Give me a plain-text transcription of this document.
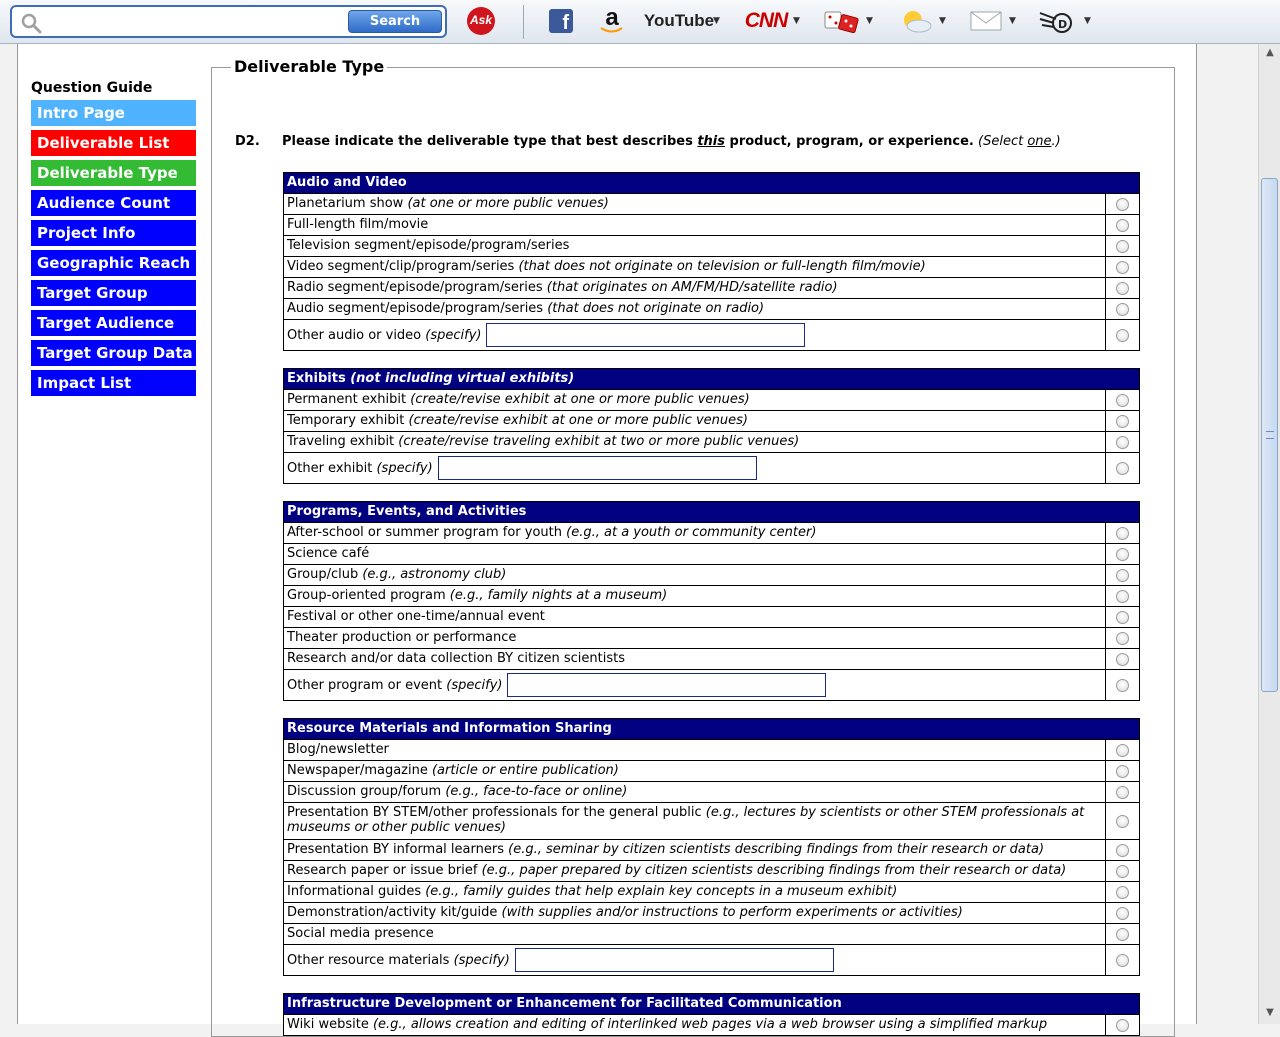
Search	Ask	f a YouTube
▼ CNN ▼	▼	▼	▼	D ▼
Question Guide
Intro Page
Deliverable List
Deliverable Type
Audience Count
Project Info
Geographic Reach
Target Group
Target Audience
Target Group Data
Impact List
Deliverable Type
D2. Please indicate the deliverable type that best describes this product, program, or experience. (Select one.)
Audio and Video
Planetarium show (at one or more public venues)
Full-length film/movie
Television segment/episode/program/series
Video segment/clip/program/series (that does not originate on television or full-length film/movie)
Radio segment/episode/program/series (that originates on AM/FM/HD/satellite radio)
Audio segment/episode/program/series (that does not originate on radio)
Other audio or video
(specify)
Exhibits (not including virtual exhibits)
Permanent exhibit (create/revise exhibit at one or more public venues)
Temporary exhibit (create/revise exhibit at one or more public venues)
Traveling exhibit (create/revise traveling exhibit at two or more public venues)
Other exhibit
(specify)
Programs, Events, and Activities
After-school or summer program for youth (e.g., at a youth or community center)
Science café
Group/club (e.g., astronomy club)
Group-oriented program (e.g., family nights at a museum)
Festival or other one-time/annual event
Theater production or performance
Research and/or data collection BY citizen scientists
Other program or event
(specify)
Resource Materials and Information Sharing
Blog/newsletter
Newspaper/magazine (article or entire publication)
Discussion group/forum (e.g., face-to-face or online)
Presentation BY STEM/other professionals for the general public (e.g., lectures by scientists or other STEM professionals at museums or other public venues)
Presentation BY informal learners (e.g., seminar by citizen scientists describing findings from their research or data)
Research paper or issue brief (e.g., paper prepared by citizen scientists describing findings from their research or data)
Informational guides (e.g., family guides that help explain key concepts in a museum exhibit)
Demonstration/activity kit/guide (with supplies and/or instructions to perform experiments or activities)
Social media presence
Other resource materials
(specify)
Infrastructure Development or Enhancement for Facilitated Communication
Wiki website (e.g., allows creation and editing of interlinked web pages via a web browser using a simplified markup
▲
▼
